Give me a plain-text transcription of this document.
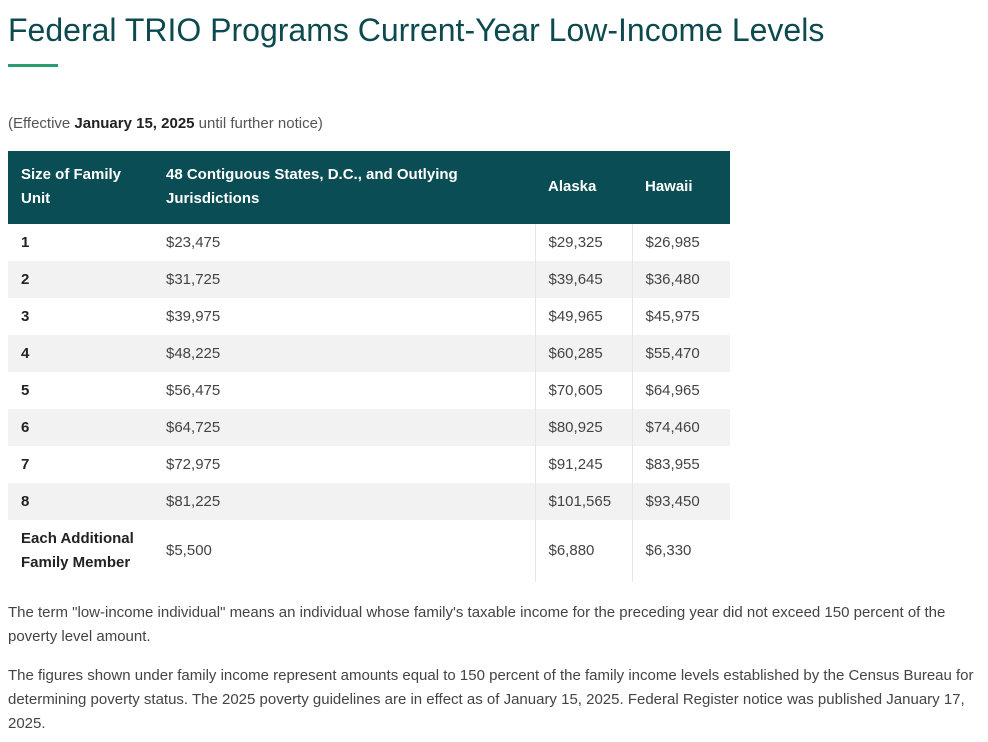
Federal TRIO Programs Current-Year Low-Income Levels
(Effective January 15, 2025 until further notice)
Size of Family Unit	48 Contiguous States, D.C., and Outlying Jurisdictions	Alaska	Hawaii
1	$23,475	$29,325	$26,985
2	$31,725	$39,645	$36,480
3	$39,975	$49,965	$45,975
4	$48,225	$60,285	$55,470
5	$56,475	$70,605	$64,965
6	$64,725	$80,925	$74,460
7	$72,975	$91,245	$83,955
8	$81,225	$101,565	$93,450
Each Additional Family Member	$5,500	$6,880	$6,330

The term "low-income individual" means an individual whose family's taxable income for the preceding year did not exceed 150 percent of the poverty level amount.

The figures shown under family income represent amounts equal to 150 percent of the family income levels established by the Census Bureau for determining poverty status. The 2025 poverty guidelines are in effect as of January 15, 2025. Federal Register notice was published January 17, 2025.
